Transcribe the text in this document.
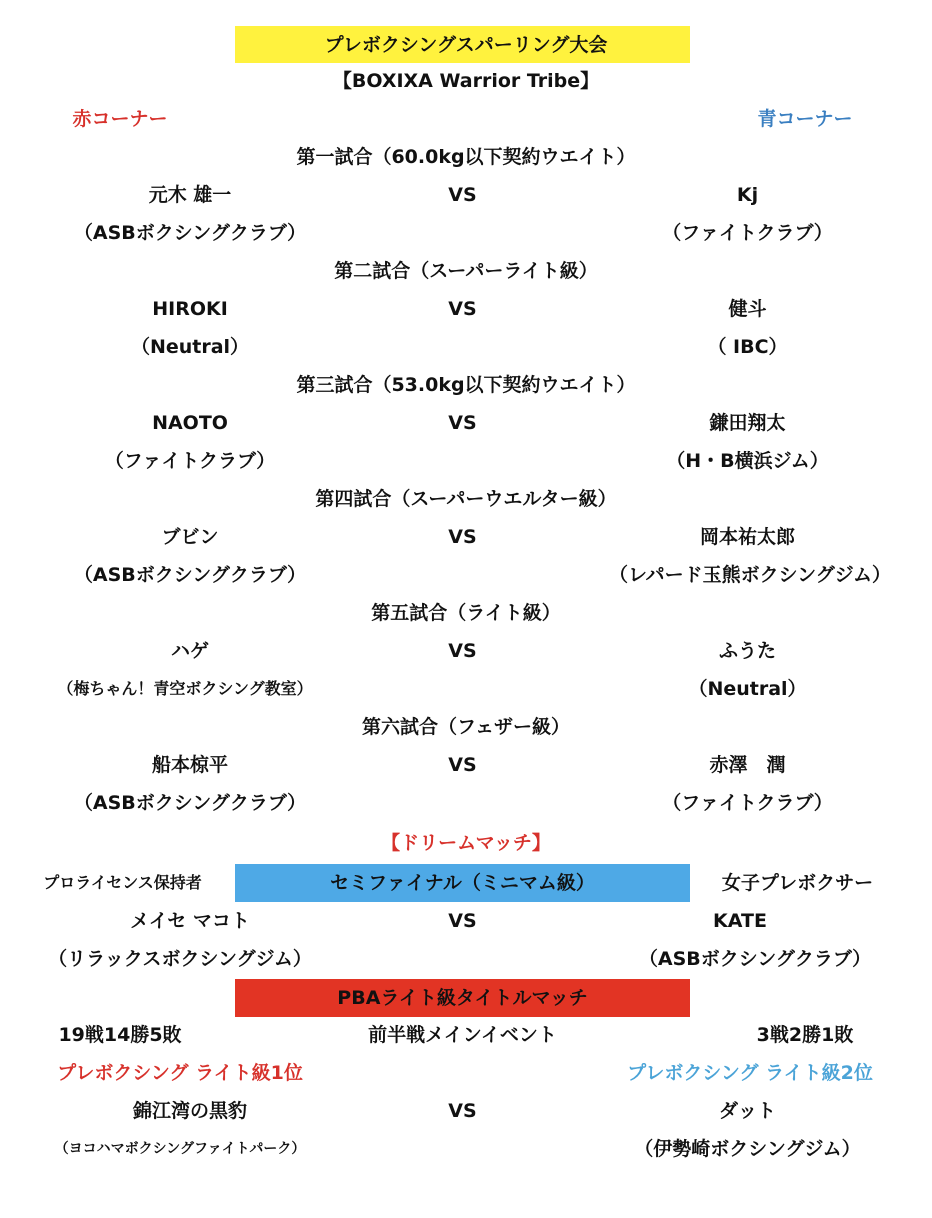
プレボクシングスパーリング大会
【BOXIXA Warrior Tribe】
赤コーナー	青コーナー
第一試合（60.0kg以下契約ウエイト）
元木 雄一	VS	Kj
（ASBボクシングクラブ）	（ファイトクラブ）
第二試合（スーパーライト級）
HIROKI	VS	健斗
（Neutral）	（ IBC）
第三試合（53.0kg以下契約ウエイト）
NAOTO	VS	鎌田翔太
（ファイトクラブ）	（H・B横浜ジム）
第四試合（スーパーウエルター級）
ブビン	VS	岡本祐太郎
（ASBボクシングクラブ）	（レパード玉熊ボクシングジム）
第五試合（ライト級）
ハゲ	VS	ふうた
（梅ちゃん！青空ボクシング教室）	（Neutral）
第六試合（フェザー級）
船本椋平	VS	赤澤　潤
（ASBボクシングクラブ）	（ファイトクラブ）
【ドリームマッチ】
プロライセンス保持者	セミファイナル（ミニマム級）	女子プレボクサー
メイセ マコト	VS	KATE
（リラックスボクシングジム）	（ASBボクシングクラブ）
PBAライト級タイトルマッチ
19戦14勝5敗	前半戦メインイベント	3戦2勝1敗
プレボクシング ライト級1位	プレボクシング ライト級2位
錦江湾の黒豹	VS	ダット
（ヨコハマボクシングファイトパーク）	（伊勢崎ボクシングジム）
